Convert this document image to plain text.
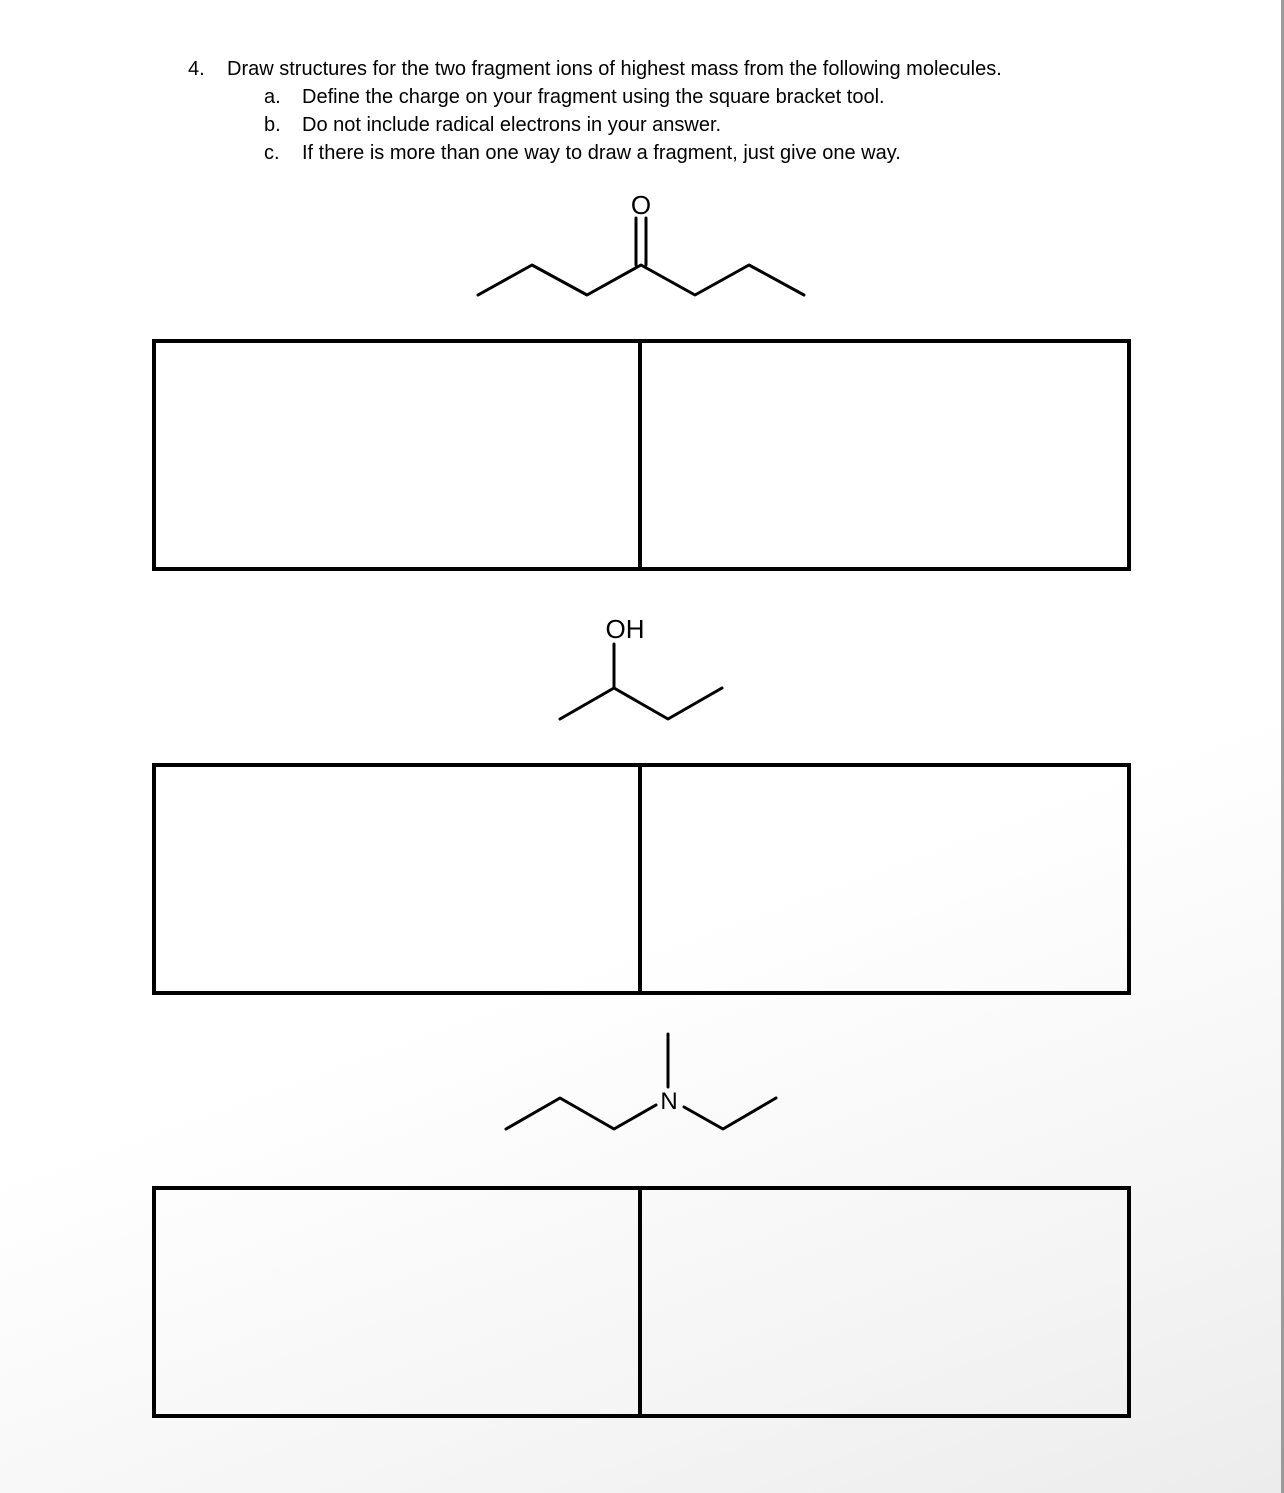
4.	Draw structures for the two fragment ions of highest mass from the following molecules.
a.	Define the charge on your fragment using the square bracket tool.
b.	Do not include radical electrons in your answer.
c.	If there is more than one way to draw a fragment, just give one way.
O
OH
N
